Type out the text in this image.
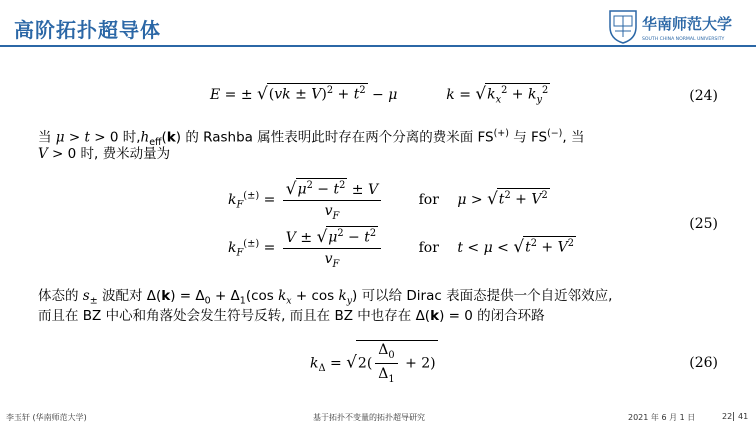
高阶拓扑超导体	华南师范大学
SOUTH CHINA NORMAL UNIVERSITY
E = ± $√(vk \pm V)^2 + t^2 - \mu$	$k = √k_x^2 + k_y^2$	(24)
当 μ > t > 0 时$,h_{eff}(k)$ 的 Rashba 属性表明此时存在两个分离的费米面 FS(+) 与 FS(−), 当
V > 0 时, 费米动量为
$k_F^{(\pm)} = \frac{√\mu^2 - t^2 \pm V}{v_F}$	for $\mu > √t^2 + V^2$
$k_F^{(\pm)} = \frac{V \pm √\mu^2 - t^2}{v_F}$	for $t < \mu < √t^2 + V^2$
(25)
体态的 $s_\pm$ 波配对 $\Delta(k) = \Delta_0 + \Delta_1(\cos$ $k_x + \cos k_y$) 可以给 Dirac 表面态提供一个自近邻效应,
而且在 BZ 中心和角落处会发生符号反转, 而且在 BZ 中也存在 Δ(k) = 0 的闭合环路
$k_\Delta = √2( \frac{\Delta_0}{\Delta_1} + 2)$	(26)
李玉轩 (华南师范大学)	基于拓扑不变量的拓扑超导研究	2021 年 6 月 1 日	22 41
